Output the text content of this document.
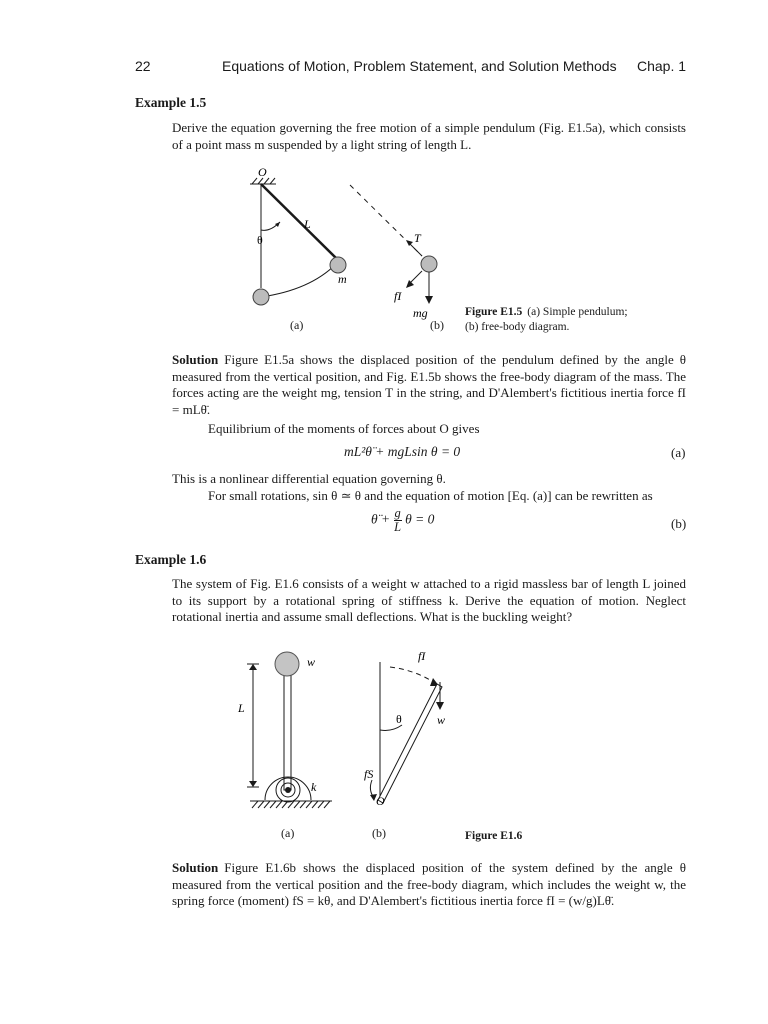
22	Equations of Motion, Problem Statement, and Solution Methods Chap. 1
Example 1.5
Derive the equation governing the free motion of a simple pendulum (Fig. E1.5a), which consists of a point mass m suspended by a light string of length L.
O
θ
L
m
T
fI
mg
(a)	(b)
Figure E1.5 (a) Simple pendulum;
(b) free-body diagram.
Solution Figure E1.5a shows the displaced position of the pendulum defined by the angle θ measured from the vertical position, and Fig. E1.5b shows the free-body diagram of the mass. The forces acting are the weight mg, tension T in the string, and D'Alembert's fictitious inertia force fI = mLθ̈.
Equilibrium of the moments of forces about O gives
mL²θ̈ + mgLsin θ = 0	(a)
This is a nonlinear differential equation governing θ.
For small rotations, sin θ ≃ θ and the equation of motion [Eq. (a)] can be rewritten as
θ̈ + $\frac{g}{L}$ θ = 0	(b)
Example 1.6
The system of Fig. E1.6 consists of a weight w attached to a rigid massless bar of length L joined to its support by a rotational spring of stiffness k. Derive the equation of motion. Neglect rotational inertia and assume small deflections. What is the buckling weight?
L
w
k
fI
w
θ
fS
O
(a)	(b)	Figure E1.6
Solution Figure E1.6b shows the displaced position of the system defined by the angle θ measured from the vertical position and the free-body diagram, which includes the weight w, the spring force (moment) fS = kθ, and D'Alembert's fictitious inertia force fI = (w/g)Lθ̈.
